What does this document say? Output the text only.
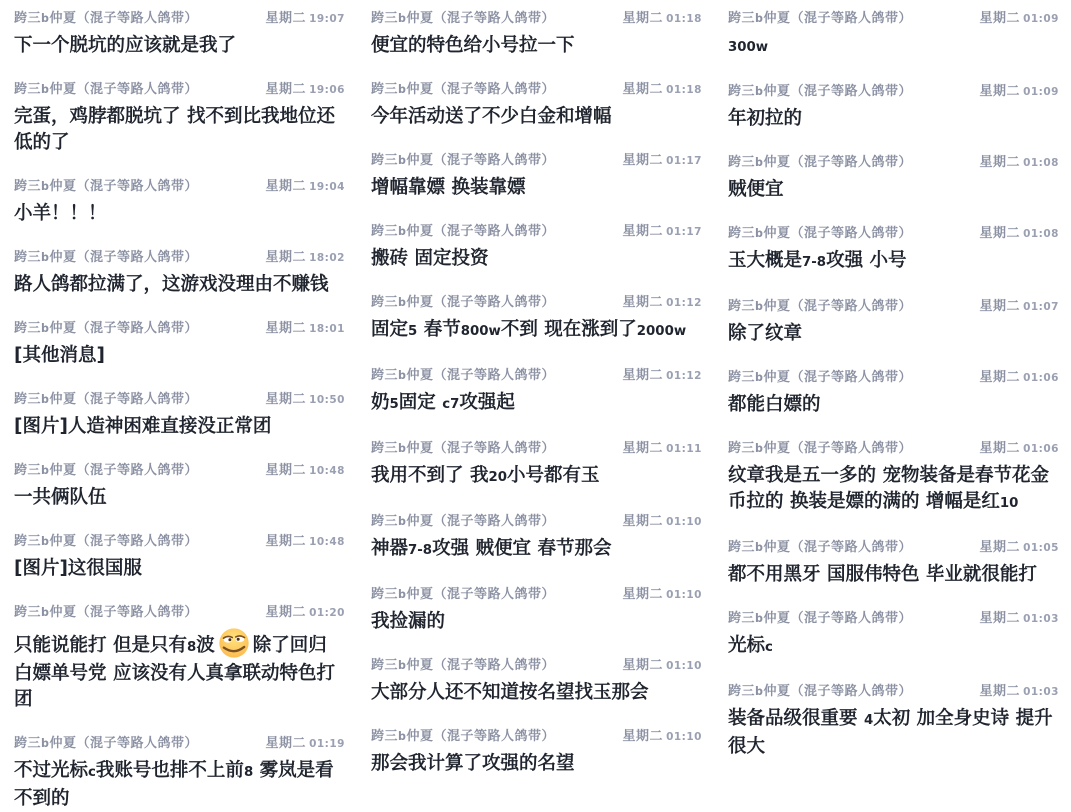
跨三b仲夏（混子等路人鸽带）	星期二 19:07
下一个脱坑的应该就是我了
跨三b仲夏（混子等路人鸽带）	星期二 19:06
完蛋，鸡脖都脱坑了 找不到比我地位还低的了
跨三b仲夏（混子等路人鸽带）	星期二 19:04
小羊！！！
跨三b仲夏（混子等路人鸽带）	星期二 18:02
路人鸽都拉满了，这游戏没理由不赚钱
跨三b仲夏（混子等路人鸽带）	星期二 18:01
[其他消息]
跨三b仲夏（混子等路人鸽带）	星期二 10:50
[图片]人造神困难直接没正常团
跨三b仲夏（混子等路人鸽带）	星期二 10:48
一共俩队伍
跨三b仲夏（混子等路人鸽带）	星期二 10:48
[图片]这很国服
跨三b仲夏（混子等路人鸽带）	星期二 01:20
只能说能打 但是只有8波 除了回归白嫖单号党 应该没有人真拿联动特色打团
跨三b仲夏（混子等路人鸽带）	星期二 01:19
不过光标c我账号也排不上前8 雾岚是看不到的
跨三b仲夏（混子等路人鸽带）	星期二 01:18
便宜的特色给小号拉一下
跨三b仲夏（混子等路人鸽带）	星期二 01:18
今年活动送了不少白金和增幅
跨三b仲夏（混子等路人鸽带）	星期二 01:17
增幅靠嫖 换装靠嫖
跨三b仲夏（混子等路人鸽带）	星期二 01:17
搬砖 固定投资
跨三b仲夏（混子等路人鸽带）	星期二 01:12
固定5 春节800w不到 现在涨到了2000w
跨三b仲夏（混子等路人鸽带）	星期二 01:12
奶5固定 c7攻强起
跨三b仲夏（混子等路人鸽带）	星期二 01:11
我用不到了 我20小号都有玉
跨三b仲夏（混子等路人鸽带）	星期二 01:10
神器7-8攻强 贼便宜 春节那会
跨三b仲夏（混子等路人鸽带）	星期二 01:10
我捡漏的
跨三b仲夏（混子等路人鸽带）	星期二 01:10
大部分人还不知道按名望找玉那会
跨三b仲夏（混子等路人鸽带）	星期二 01:10
那会我计算了攻强的名望
跨三b仲夏（混子等路人鸽带）	星期二 01:09
300w
跨三b仲夏（混子等路人鸽带）	星期二 01:09
年初拉的
跨三b仲夏（混子等路人鸽带）	星期二 01:08
贼便宜
跨三b仲夏（混子等路人鸽带）	星期二 01:08
玉大概是7-8攻强 小号
跨三b仲夏（混子等路人鸽带）	星期二 01:07
除了纹章
跨三b仲夏（混子等路人鸽带）	星期二 01:06
都能白嫖的
跨三b仲夏（混子等路人鸽带）	星期二 01:06
纹章我是五一多的 宠物装备是春节花金币拉的 换装是嫖的满的 增幅是红10
跨三b仲夏（混子等路人鸽带）	星期二 01:05
都不用黑牙 国服伟特色 毕业就很能打
跨三b仲夏（混子等路人鸽带）	星期二 01:03
光标c
跨三b仲夏（混子等路人鸽带）	星期二 01:03
装备品级很重要 4太初 加全身史诗 提升很大
